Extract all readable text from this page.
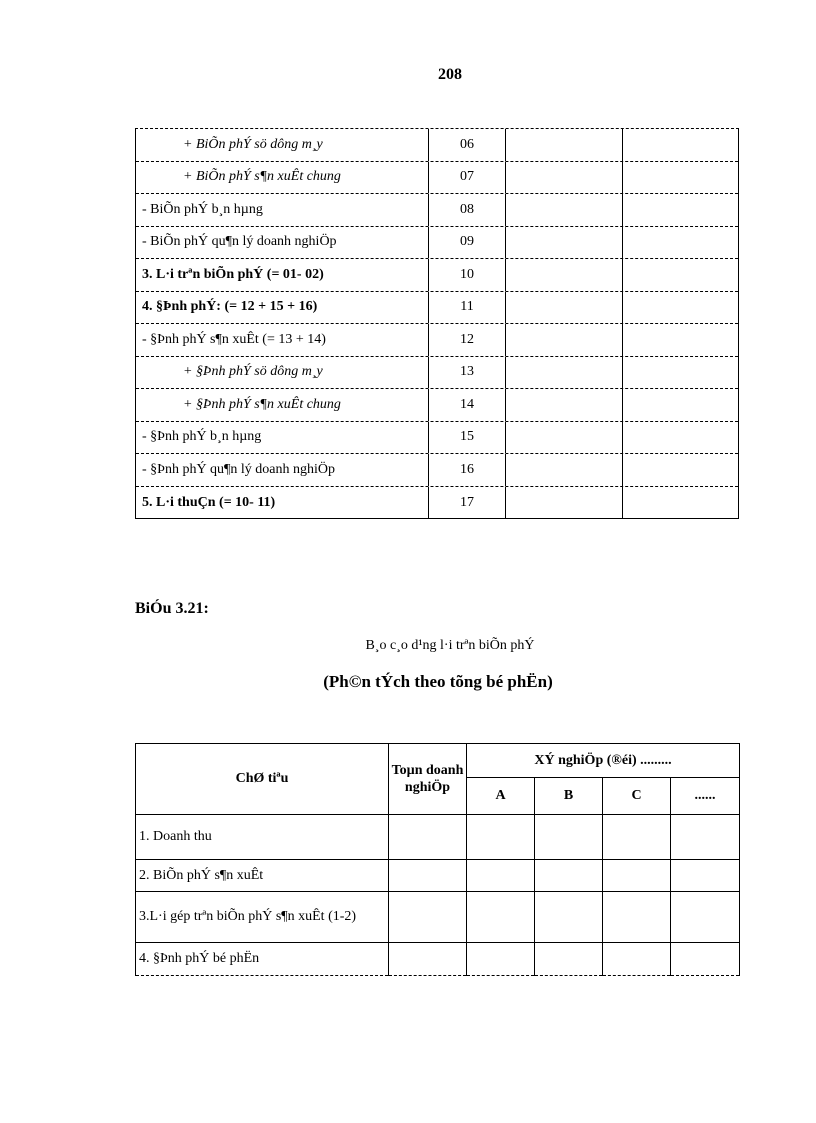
208
+ BiÕn phÝ sö dông m¸y	06
+ BiÕn phÝ s¶n xuÊt chung	07
- BiÕn phÝ b¸n hµng	08
- BiÕn phÝ qu¶n lý doanh nghiÖp	09
3. L·i trªn biÕn phÝ (= 01- 02)	10
4. §Þnh phÝ: (= 12 + 15 + 16)	11
- §Þnh phÝ s¶n xuÊt (= 13 + 14)	12
+ §Þnh phÝ sö dông m¸y	13
+ §Þnh phÝ s¶n xuÊt chung	14
- §Þnh phÝ b¸n hµng	15
- §Þnh phÝ qu¶n lý doanh nghiÖp	16
5. L·i thuÇn (= 10- 11)	17
BiÓu 3.21:
B¸o c¸o d¹ng l·i trªn biÕn phÝ
(Ph©n tÝch theo tõng bé phËn)
ChØ tiªu	Toµn doanh nghiÖp	XÝ nghiÖp (®éi) .........			
		A	B	C	......
1. Doanh thu					
2. BiÕn phÝ s¶n xuÊt					
3.L·i gép trªn biÕn phÝ s¶n xuÊt (1-2)					
4. §Þnh phÝ bé phËn					
